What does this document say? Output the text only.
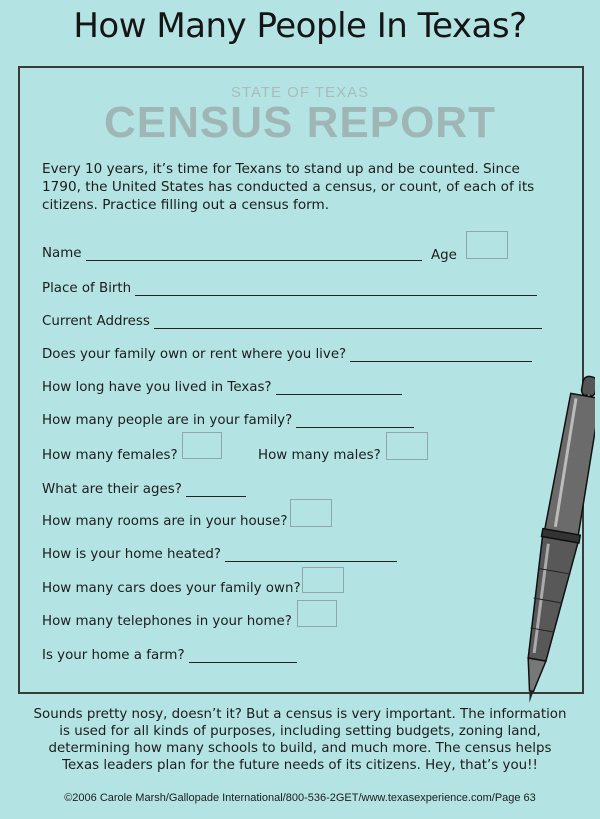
How Many People In Texas?
STATE OF TEXAS
CENSUS REPORT
Every 10 years, it’s time for Texans to stand up and be counted. Since 1790, the United States has conducted a census, or count, of each of its citizens. Practice filling out a census form.
Name	Age
Place of Birth
Current Address
Does your family own or rent where you live?
How long have you lived in Texas?
How many people are in your family?
How many females?	How many males?
What are their ages?
How many rooms are in your house?
How is your home heated?
How many cars does your family own?
How many telephones in your home?
Is your home a farm?
Sounds pretty nosy, doesn’t it? But a census is very important. The information is used for all kinds of purposes, including setting budgets, zoning land, determining how many schools to build, and much more. The census helps Texas leaders plan for the future needs of its citizens. Hey, that’s you!!
©2006 Carole Marsh/Gallopade International/800-536-2GET/www.texasexperience.com/Page 63
